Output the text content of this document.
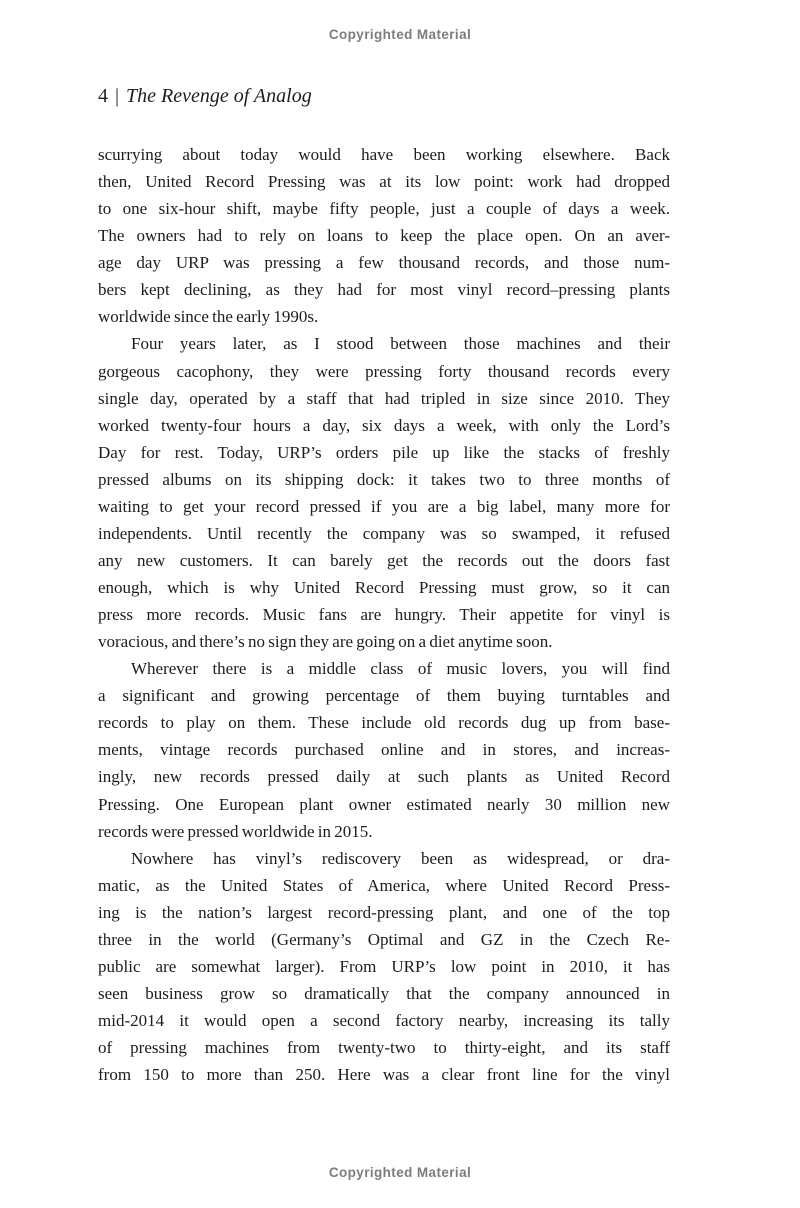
Copyrighted Material
4 | The Revenge of Analog
scurrying about today would have been working elsewhere. Back
then, United Record Pressing was at its low point: work had dropped
to one six-hour shift, maybe fifty people, just a couple of days a week.
The owners had to rely on loans to keep the place open. On an aver-
age day URP was pressing a few thousand records, and those num-
bers kept declining, as they had for most vinyl record–pressing plants
worldwide since the early 1990s.
Four years later, as I stood between those machines and their
gorgeous cacophony, they were pressing forty thousand records every
single day, operated by a staff that had tripled in size since 2010. They
worked twenty-four hours a day, six days a week, with only the Lord’s
Day for rest. Today, URP’s orders pile up like the stacks of freshly
pressed albums on its shipping dock: it takes two to three months of
waiting to get your record pressed if you are a big label, many more for
independents. Until recently the company was so swamped, it refused
any new customers. It can barely get the records out the doors fast
enough, which is why United Record Pressing must grow, so it can
press more records. Music fans are hungry. Their appetite for vinyl is
voracious, and there’s no sign they are going on a diet anytime soon.
Wherever there is a middle class of music lovers, you will find
a significant and growing percentage of them buying turntables and
records to play on them. These include old records dug up from base-
ments, vintage records purchased online and in stores, and increas-
ingly, new records pressed daily at such plants as United Record
Pressing. One European plant owner estimated nearly 30 million new
records were pressed worldwide in 2015.
Nowhere has vinyl’s rediscovery been as widespread, or dra-
matic, as the United States of America, where United Record Press-
ing is the nation’s largest record-pressing plant, and one of the top
three in the world (Germany’s Optimal and GZ in the Czech Re-
public are somewhat larger). From URP’s low point in 2010, it has
seen business grow so dramatically that the company announced in
mid-2014 it would open a second factory nearby, increasing its tally
of pressing machines from twenty-two to thirty-eight, and its staff
from 150 to more than 250. Here was a clear front line for the vinyl
Copyrighted Material
